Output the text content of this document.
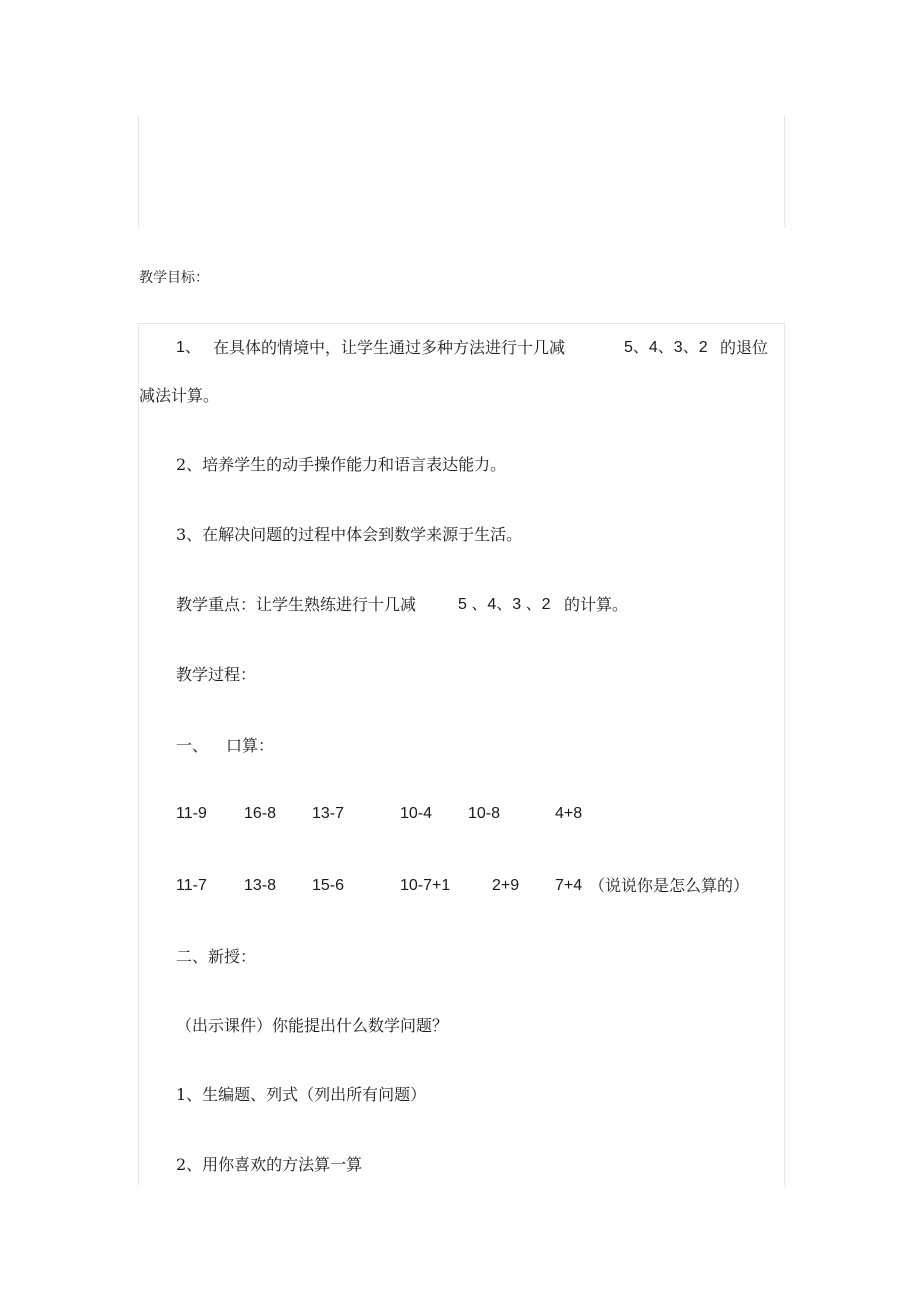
教学目标：
1、 在具体的情境中，让学生通过多种方法进行十几减	5、4、3、2 的退位
减法计算。
2、培养学生的动手操作能力和语言表达能力。
3、在解决问题的过程中体会到数学来源于生活。
教学重点：让学生熟练进行十几减	5 、4、3 、2 的计算。
教学过程：
一、 口算：
11-9 16-8 13-7	10-4 10-8	4+8
11-7 13-8 15-6	10-7+1	2+9 7+4 （说说你是怎么算的）
二、新授：
（出示课件）你能提出什么数学问题？
1、生编题、列式（列出所有问题）
2、用你喜欢的方法算一算
